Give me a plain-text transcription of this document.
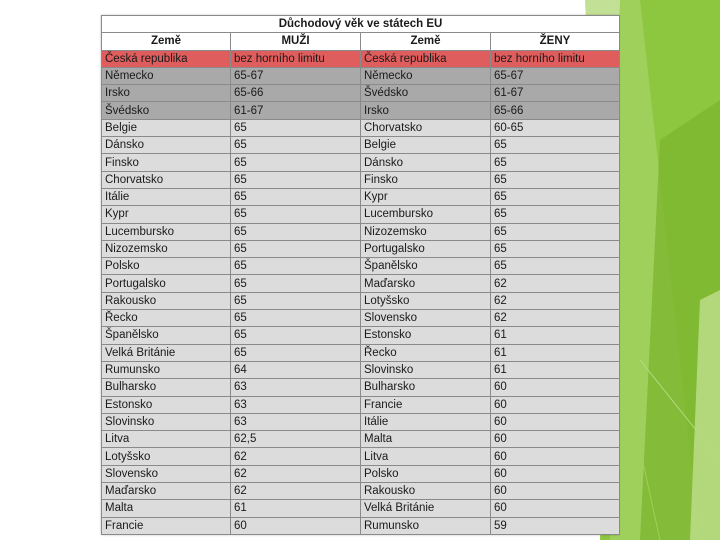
Důchodový věk ve státech EU			
Země	MUŽI	Země	ŽENY
Česká republika	bez horního limitu	Česká republika	bez horního limitu
Německo	65-67	Německo	65-67
Irsko	65-66	Švédsko	61-67
Švédsko	61-67	Irsko	65-66
Belgie	65	Chorvatsko	60-65
Dánsko	65	Belgie	65
Finsko	65	Dánsko	65
Chorvatsko	65	Finsko	65
Itálie	65	Kypr	65
Kypr	65	Lucembursko	65
Lucembursko	65	Nizozemsko	65
Nizozemsko	65	Portugalsko	65
Polsko	65	Španělsko	65
Portugalsko	65	Maďarsko	62
Rakousko	65	Lotyšsko	62
Řecko	65	Slovensko	62
Španělsko	65	Estonsko	61
Velká Británie	65	Řecko	61
Rumunsko	64	Slovinsko	61
Bulharsko	63	Bulharsko	60
Estonsko	63	Francie	60
Slovinsko	63	Itálie	60
Litva	62,5	Malta	60
Lotyšsko	62	Litva	60
Slovensko	62	Polsko	60
Maďarsko	62	Rakousko	60
Malta	61	Velká Británie	60
Francie	60	Rumunsko	59
